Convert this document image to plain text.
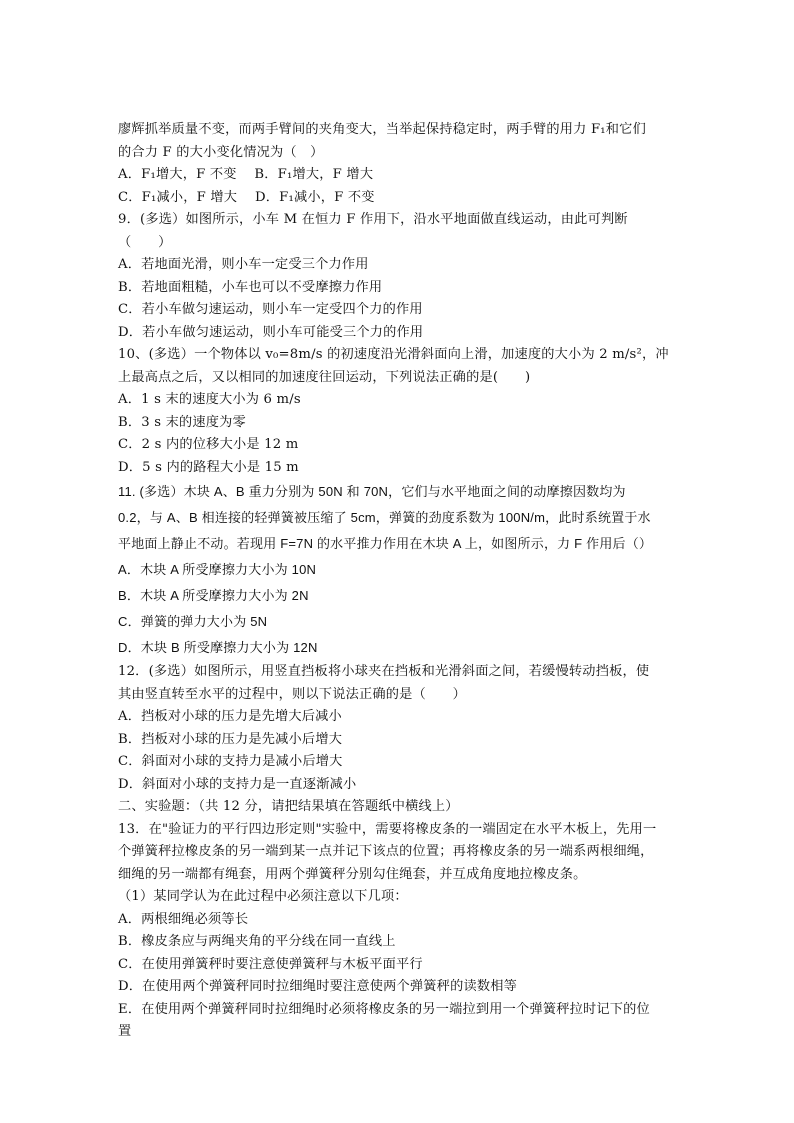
廖辉抓举质量不变，而两手臂间的夹角变大，当举起保持稳定时，两手臂的用力 F₁和它们
的合力 F 的大小变化情况为（　）
A．F₁增大，F 不变　 B．F₁增大，F 增大
C．F₁减小，F 增大　 D．F₁减小，F 不变
9．(多选）如图所示，小车 M 在恒力 F 作用下，沿水平地面做直线运动，由此可判断
（　　）
A．若地面光滑，则小车一定受三个力作用
B．若地面粗糙，小车也可以不受摩擦力作用
C．若小车做匀速运动，则小车一定受四个力的作用
D．若小车做匀速运动，则小车可能受三个力的作用
10、(多选）一个物体以 v₀=8m/s 的初速度沿光滑斜面向上滑，加速度的大小为 2 m/s²，冲
上最高点之后，又以相同的加速度往回运动，下列说法正确的是(　　)
A．1 s 末的速度大小为 6 m/s
B．3 s 末的速度为零
C．2 s 内的位移大小是 12 m
D．5 s 内的路程大小是 15 m
11. (多选）木块 A、B 重力分别为 50N 和 70N，它们与水平地面之间的动摩擦因数均为
0.2，与 A、B 相连接的轻弹簧被压缩了 5cm，弹簧的劲度系数为 100N/m，此时系统置于水
平地面上静止不动。若现用 F=7N 的水平推力作用在木块 A 上，如图所示，力 F 作用后（）
A．木块 A 所受摩擦力大小为 10N
B．木块 A 所受摩擦力大小为 2N
C．弹簧的弹力大小为 5N
D．木块 B 所受摩擦力大小为 12N
12．(多选）如图所示，用竖直挡板将小球夹在挡板和光滑斜面之间，若缓慢转动挡板，使
其由竖直转至水平的过程中，则以下说法正确的是（　　）
A．挡板对小球的压力是先增大后减小
B．挡板对小球的压力是先减小后增大
C．斜面对小球的支持力是减小后增大
D．斜面对小球的支持力是一直逐渐减小
二、实验题：（共 12 分，请把结果填在答题纸中横线上）
13．在"验证力的平行四边形定则"实验中，需要将橡皮条的一端固定在水平木板上，先用一
个弹簧秤拉橡皮条的另一端到某一点并记下该点的位置；再将橡皮条的另一端系两根细绳，
细绳的另一端都有绳套，用两个弹簧秤分别勾住绳套，并互成角度地拉橡皮条。
（1）某同学认为在此过程中必须注意以下几项：
A．两根细绳必须等长
B．橡皮条应与两绳夹角的平分线在同一直线上
C．在使用弹簧秤时要注意使弹簧秤与木板平面平行
D．在使用两个弹簧秤同时拉细绳时要注意使两个弹簧秤的读数相等
E．在使用两个弹簧秤同时拉细绳时必须将橡皮条的另一端拉到用一个弹簧秤拉时记下的位
置
